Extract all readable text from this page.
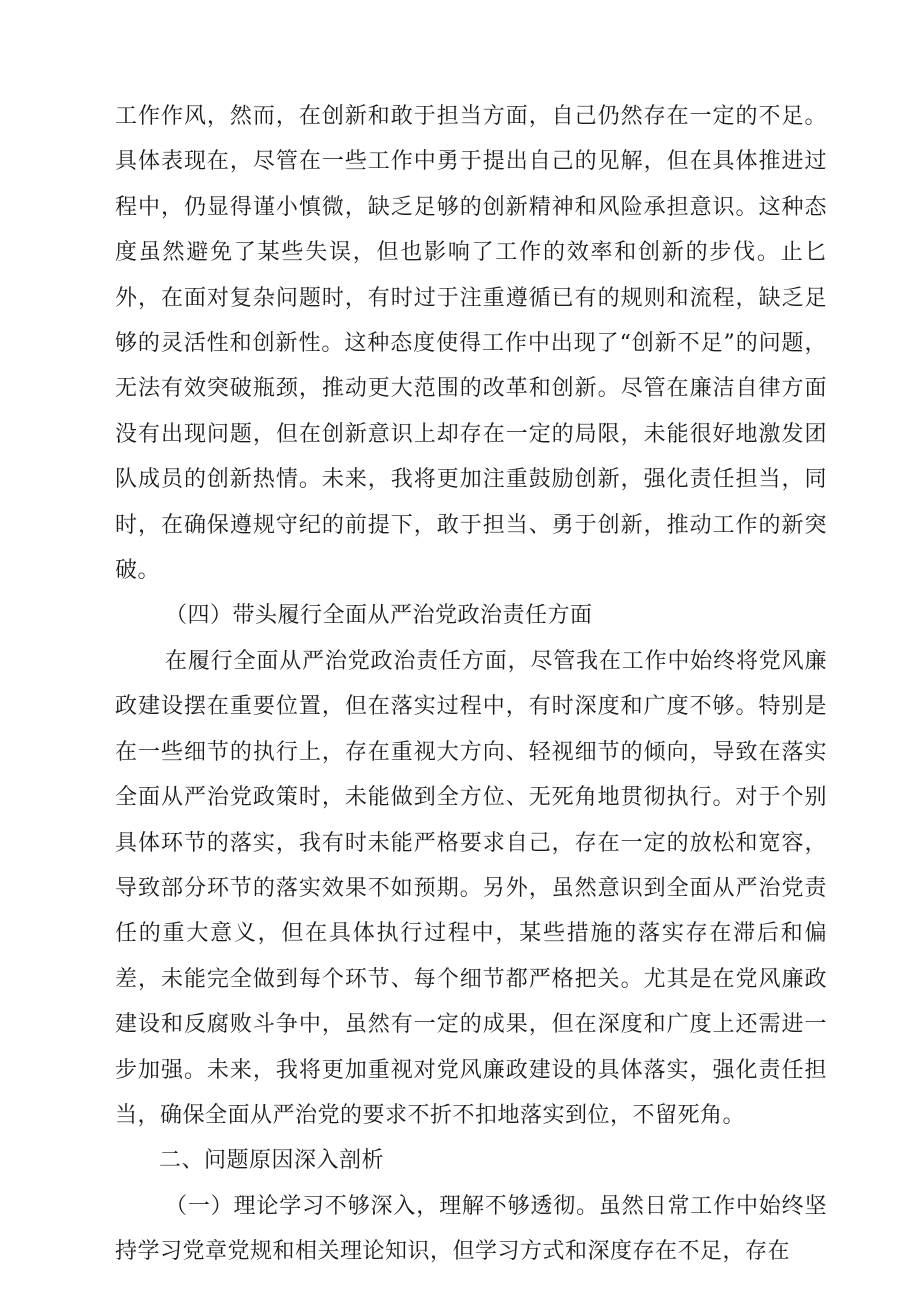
工作作风，然而，在创新和敢于担当方面，自己仍然存在一定的不足。具体表现在，尽管在一些工作中勇于提出自己的见解，但在具体推进过程中，仍显得谨小慎微，缺乏足够的创新精神和风险承担意识。这种态度虽然避免了某些失误，但也影响了工作的效率和创新的步伐。止匕外，在面对复杂问题时，有时过于注重遵循已有的规则和流程，缺乏足够的灵活性和创新性。这种态度使得工作中出现了“创新不足”的问题，无法有效突破瓶颈，推动更大范围的改革和创新。尽管在廉洁自律方面没有出现问题，但在创新意识上却存在一定的局限，未能很好地激发团队成员的创新热情。未来，我将更加注重鼓励创新，强化责任担当，同时，在确保遵规守纪的前提下，敢于担当、勇于创新，推动工作的新突破。

（四）带头履行全面从严治党政治责任方面

在履行全面从严治党政治责任方面，尽管我在工作中始终将党风廉政建设摆在重要位置，但在落实过程中，有时深度和广度不够。特别是在一些细节的执行上，存在重视大方向、轻视细节的倾向，导致在落实全面从严治党政策时，未能做到全方位、无死角地贯彻执行。对于个别具体环节的落实，我有时未能严格要求自己，存在一定的放松和宽容，导致部分环节的落实效果不如预期。另外，虽然意识到全面从严治党责任的重大意义，但在具体执行过程中，某些措施的落实存在滞后和偏差，未能完全做到每个环节、每个细节都严格把关。尤其是在党风廉政建设和反腐败斗争中，虽然有一定的成果，但在深度和广度上还需进一步加强。未来，我将更加重视对党风廉政建设的具体落实，强化责任担当，确保全面从严治党的要求不折不扣地落实到位，不留死角。

二、问题原因深入剖析

（一）理论学习不够深入，理解不够透彻。虽然日常工作中始终坚持学习党章党规和相关理论知识，但学习方式和深度存在不足，存在
